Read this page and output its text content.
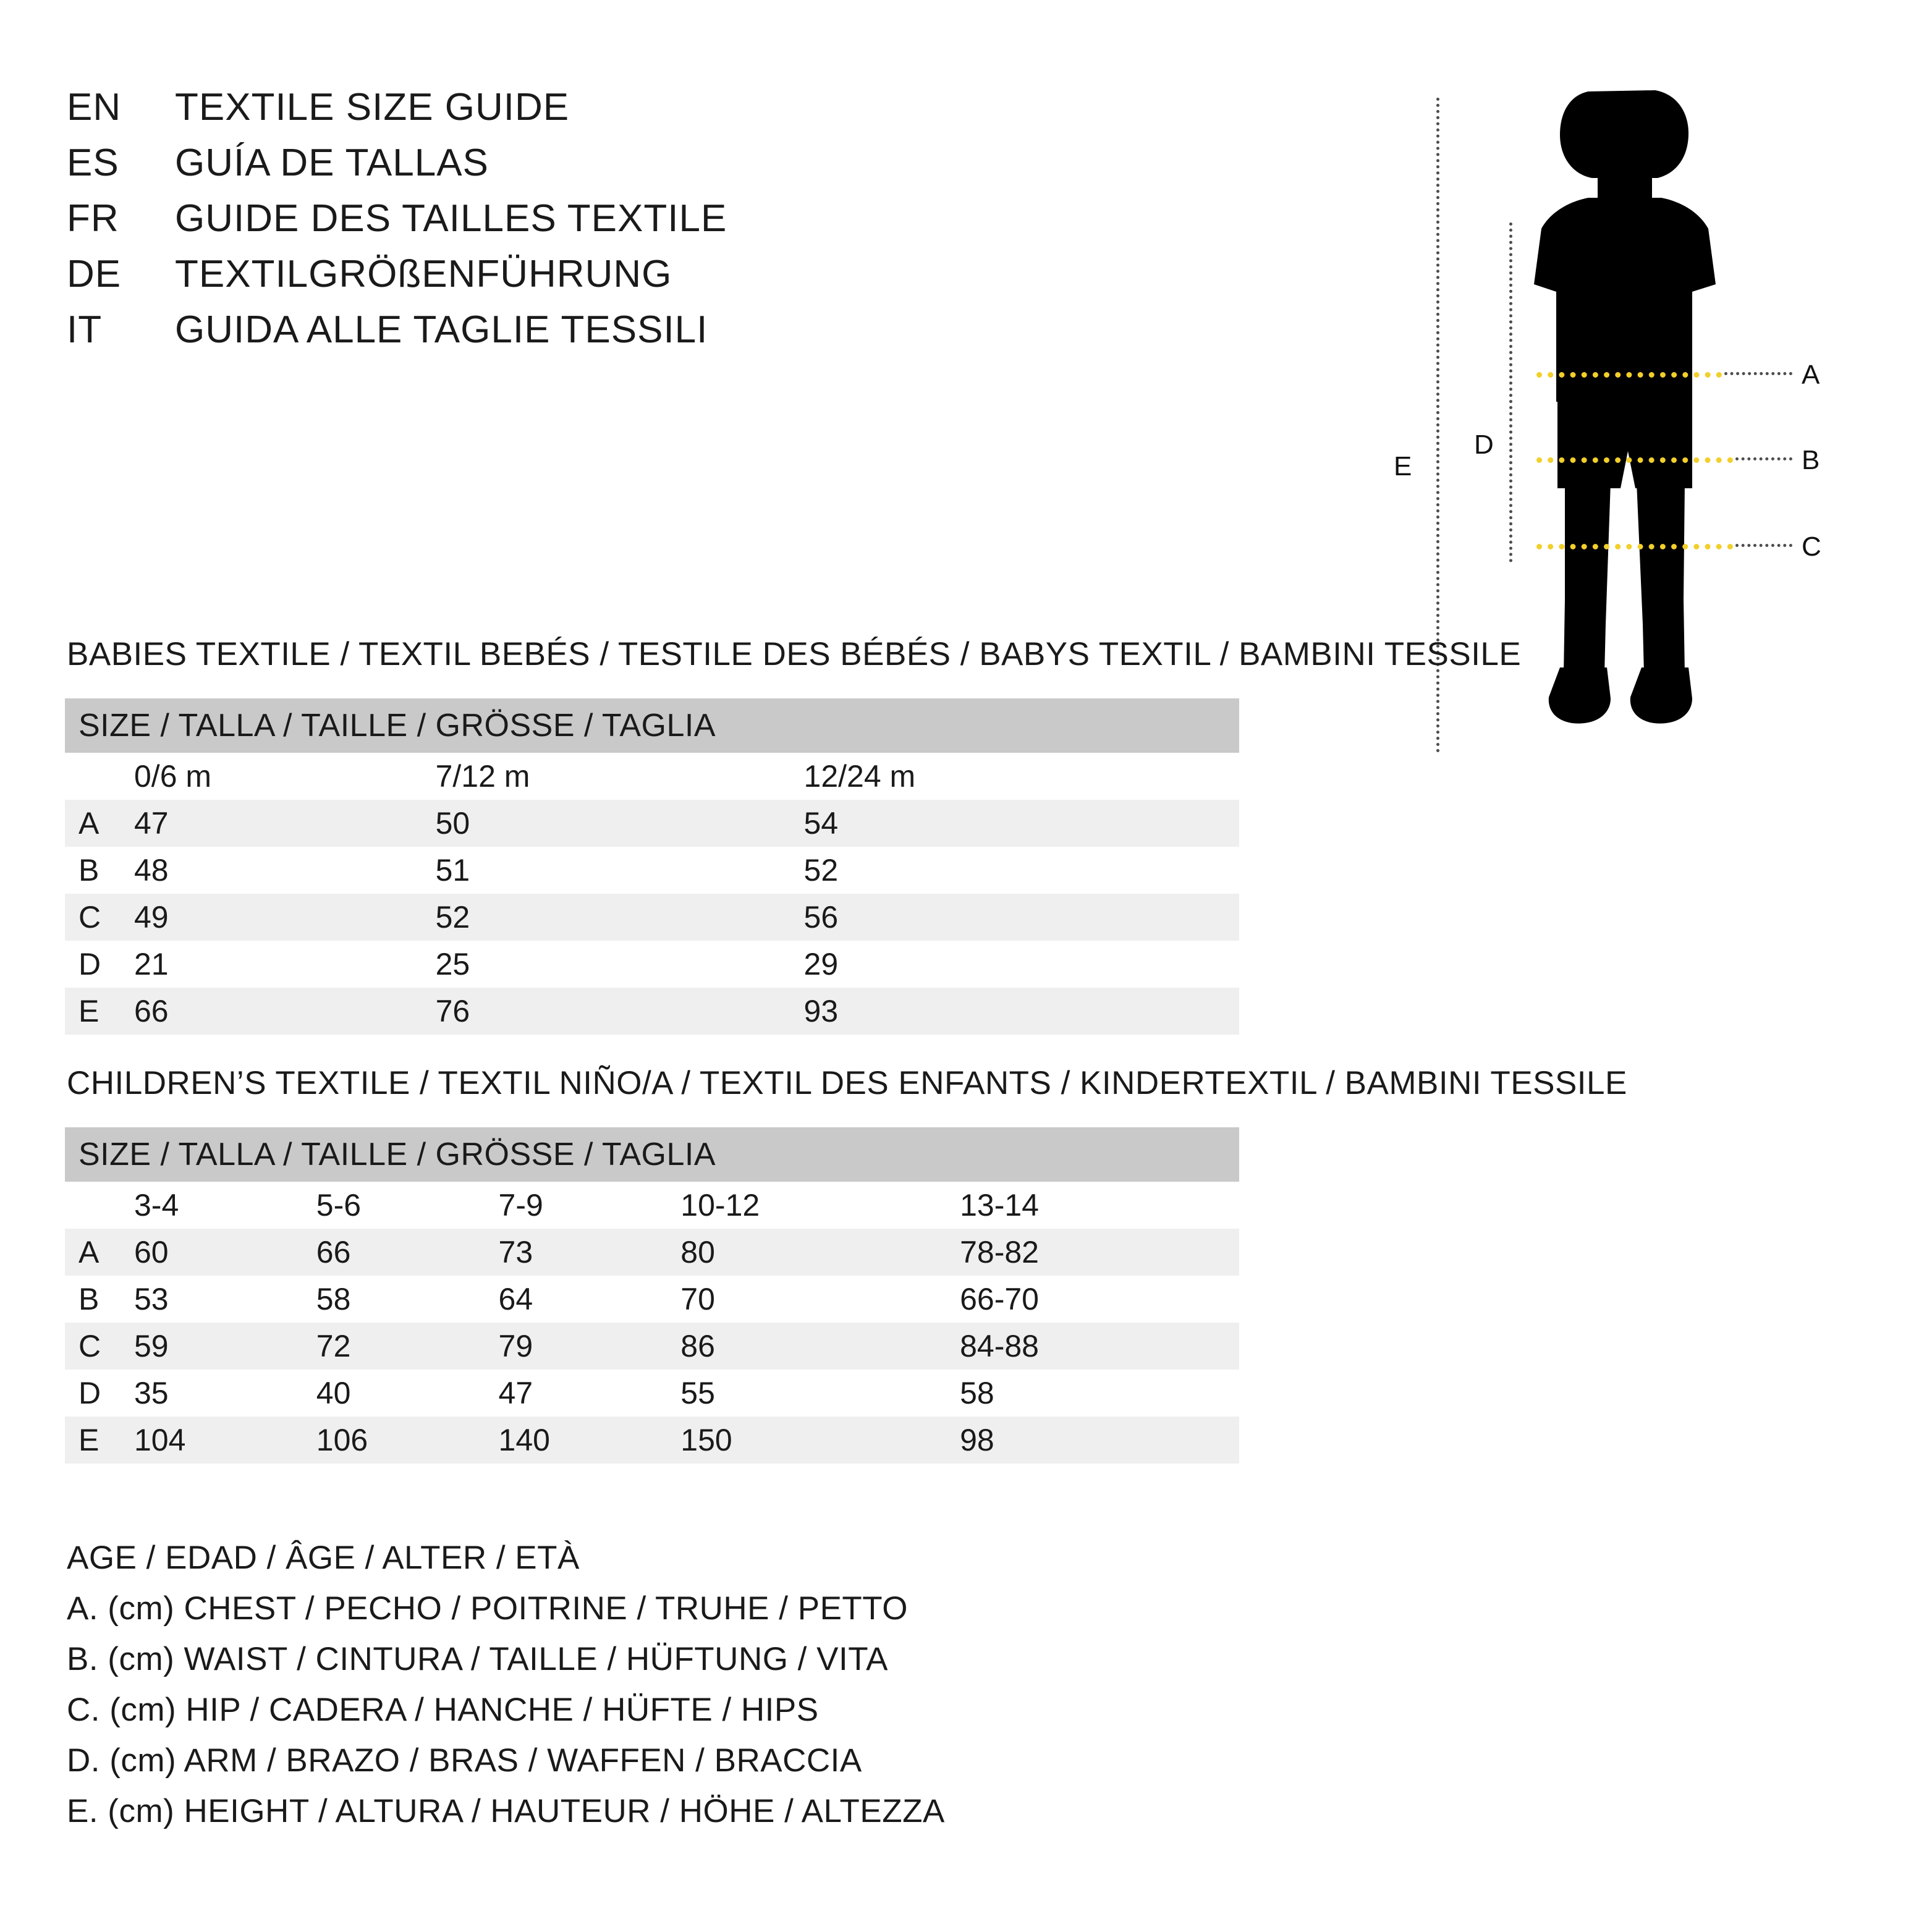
EN	TEXTILE SIZE GUIDE
ES	GUÍA DE TALLAS
FR	GUIDE DES TAILLES TEXTILE
DE	TEXTILGRÖßENFÜHRUNG
IT	GUIDA ALLE TAGLIE TESSILI
A
B
C
D
E
BABIES TEXTILE / TEXTIL BEBÉS / TESTILE DES BÉBÉS / BABYS TEXTIL / BAMBINI TESSILE
SIZE / TALLA / TAILLE / GRÖSSE / TAGLIA			
	0/6 m	7/12 m	12/24 m
A	47	50	54
B	48	51	52
C	49	52	56
D	21	25	29
E	66	76	93
CHILDREN’S TEXTILE / TEXTIL NIÑO/A / TEXTIL DES ENFANTS / KINDERTEXTIL / BAMBINI TESSILE
SIZE / TALLA / TAILLE / GRÖSSE / TAGLIA					
	3-4	5-6	7-9	10-12	13-14
A	60	66	73	80	78-82
B	53	58	64	70	66-70
C	59	72	79	86	84-88
D	35	40	47	55	58
E	104	106	140	150	98
AGE / EDAD / ÂGE / ALTER / ETÀ
A. (cm) CHEST / PECHO / POITRINE / TRUHE / PETTO
B. (cm) WAIST / CINTURA / TAILLE / HÜFTUNG / VITA
C. (cm) HIP / CADERA / HANCHE / HÜFTE / HIPS
D. (cm) ARM / BRAZO / BRAS / WAFFEN / BRACCIA
E. (cm) HEIGHT / ALTURA / HAUTEUR / HÖHE / ALTEZZA
